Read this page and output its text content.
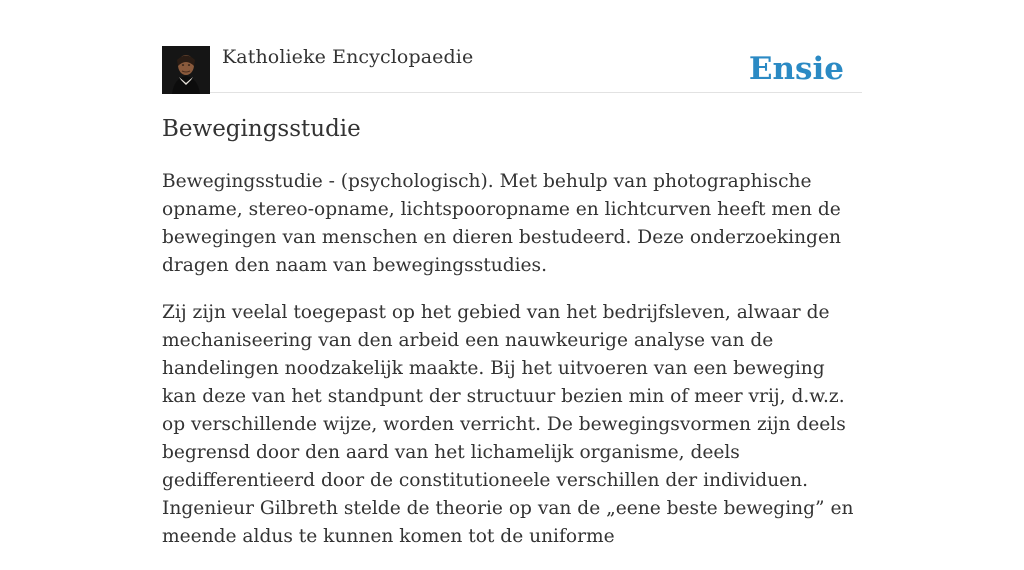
Katholieke Encyclopaedie	Ensie
Bewegingsstudie

Bewegingsstudie - (psychologisch). Met behulp van photographische opname, stereo-opname, lichtspooropname en lichtcurven heeft men de bewegingen van menschen en dieren bestudeerd. Deze onderzoekingen dragen den naam van bewegingsstudies.

Zij zijn veelal toegepast op het gebied van het bedrijfsleven, alwaar de mechaniseering van den arbeid een nauwkeurige analyse van de handelingen noodzakelijk maakte. Bij het uitvoeren van een beweging kan deze van het standpunt der structuur bezien min of meer vrij, d.w.z. op verschillende wijze, worden verricht. De bewegingsvormen zijn deels begrensd door den aard van het lichamelijk organisme, deels gedifferentieerd door de constitutioneele verschillen der individuen. Ingenieur Gilbreth stelde de theorie op van de „eene beste beweging” en meende aldus te kunnen komen tot de uniforme
